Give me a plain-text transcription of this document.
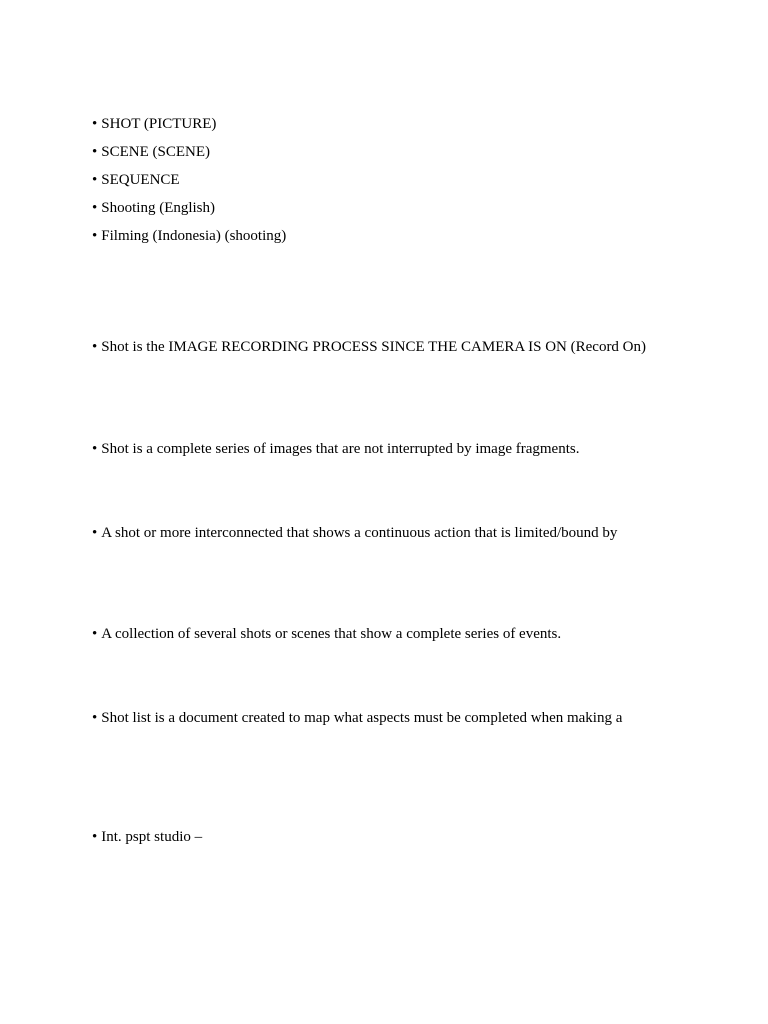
• SHOT (PICTURE)
• SCENE (SCENE)
• SEQUENCE
• Shooting (English)
• Filming (Indonesia) (shooting)
• Shot is the IMAGE RECORDING PROCESS SINCE THE CAMERA IS ON (Record On)
• Shot is a complete series of images that are not interrupted by image fragments.
• A shot or more interconnected that shows a continuous action that is limited/bound by
• A collection of several shots or scenes that show a complete series of events.
• Shot list is a document created to map what aspects must be completed when making a
• Int. pspt studio –
